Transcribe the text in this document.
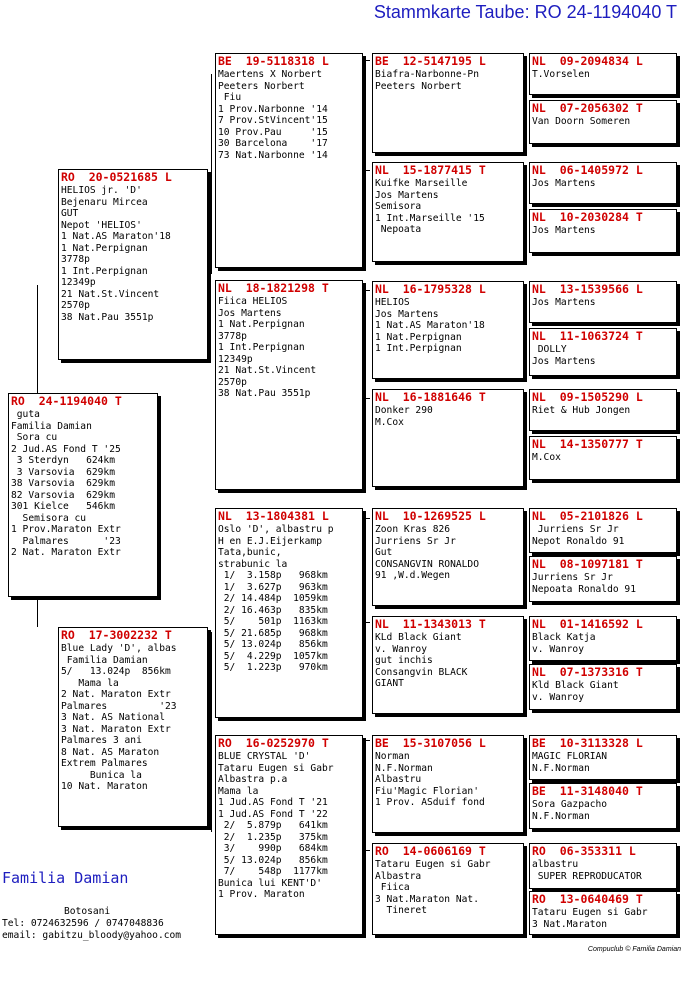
Stammkarte Taube: RO 24-1194040 T
RO  24-1194040 T
guta
Familia Damian
Sora cu
2 Jud.AS Fond T '25
3 Sterdyn   624km
3 Varsovia  629km
38 Varsovia  629km
82 Varsovia  629km
301 Kielce   546km
Semisora cu
1 Prov.Maraton Extr
Palmares      '23
2 Nat. Maraton Extr
RO  20-0521685 L
HELIOS jr. 'D'
Bejenaru Mircea
GUT
Nepot 'HELIOS'
1 Nat.AS Maraton'18
1 Nat.Perpignan
3778p
1 Int.Perpignan
12349p
21 Nat.St.Vincent
2570p
38 Nat.Pau 3551p
RO  17-3002232 T
Blue Lady 'D', albas
Familia Damian
5/   13.024p  856km
Mama la
2 Nat. Maraton Extr
Palmares         '23
3 Nat. AS National
3 Nat. Maraton Extr
Palmares 3 ani
8 Nat. AS Maraton
Extrem Palmares
Bunica la
10 Nat. Maraton
BE  19-5118318 L
Maertens X Norbert
Peeters Norbert
Fiu
1 Prov.Narbonne '14
7 Prov.StVincent'15
10 Prov.Pau     '15
30 Barcelona    '17
73 Nat.Narbonne '14
NL  18-1821298 T
Fiica HELIOS
Jos Martens
1 Nat.Perpignan
3778p
1 Int.Perpignan
12349p
21 Nat.St.Vincent
2570p
38 Nat.Pau 3551p
NL  13-1804381 L
Oslo 'D', albastru p
H en E.J.Eijerkamp
Tata,bunic,
strabunic la
1/  3.158p   968km
1/  3.627p   963km
2/ 14.484p  1059km
2/ 16.463p   835km
5/    501p  1163km
5/ 21.685p   968km
5/ 13.024p   856km
5/  4.229p  1057km
5/  1.223p   970km
RO  16-0252970 T
BLUE CRYSTAL 'D'
Tataru Eugen si Gabr
Albastra p.a
Mama la
1 Jud.AS Fond T '21
1 Jud.AS Fond T '22
2/  5.879p   641km
2/  1.235p   375km
3/    990p   684km
5/ 13.024p   856km
7/    548p  1177km
Bunica lui KENT'D'
1 Prov. Maraton
BE  12-5147195 L
Biafra-Narbonne-Pn
Peeters Norbert
NL  15-1877415 T
Kuifke Marseille
Jos Martens
Semisora
1 Int.Marseille '15
Nepoata
NL  16-1795328 L
HELIOS
Jos Martens
1 Nat.AS Maraton'18
1 Nat.Perpignan
1 Int.Perpignan
NL  16-1881646 T
Donker 290
M.Cox
NL  10-1269525 L
Zoon Kras 826
Jurriens Sr Jr
Gut
CONSANGVIN RONALDO
91 ,W.d.Wegen
NL  11-1343013 T
KLd Black Giant
v. Wanroy
gut inchis
Consangvin BLACK
GIANT
BE  15-3107056 L
Norman
N.F.Norman
Albastru
Fiu'Magic Florian'
1 Prov. ASduif fond
RO  14-0606169 T
Tataru Eugen si Gabr
Albastra
Fiica
3 Nat.Maraton Nat.
Tineret
NL  09-2094834 L
T.Vorselen
NL  07-2056302 T
Van Doorn Someren
NL  06-1405972 L
Jos Martens
NL  10-2030284 T
Jos Martens
NL  13-1539566 L
Jos Martens
NL  11-1063724 T
DOLLY
Jos Martens
NL  09-1505290 L
Riet & Hub Jongen
NL  14-1350777 T
M.Cox
NL  05-2101826 L
Jurriens Sr Jr
Nepot Ronaldo 91
NL  08-1097181 T
Jurriens Sr Jr
Nepoata Ronaldo 91
NL  01-1416592 L
Black Katja
v. Wanroy
NL  07-1373316 T
Kld Black Giant
v. Wanroy
BE  10-3113328 L
MAGIC FLORIAN
N.F.Norman
BE  11-3148040 T
Sora Gazpacho
N.F.Norman
RO  06-353311 L
albastru
SUPER REPRODUCATOR
RO  13-0640469 T
Tataru Eugen si Gabr
3 Nat.Maraton
Familia Damian
Botosani
Tel: 0724632596 / 0747048836
email: gabitzu_bloody@yahoo.com
Compuclub © Familia Damian
